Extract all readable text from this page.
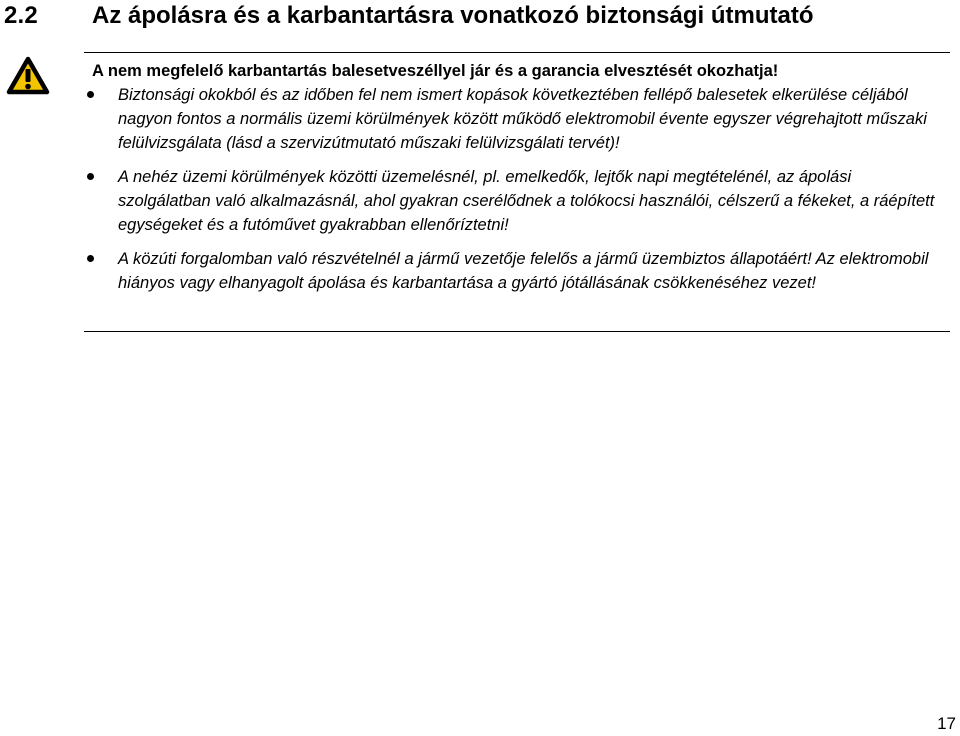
2.2 Az ápolásra és a karbantartásra vonatkozó biztonsági útmutató
A nem megfelelő karbantartás balesetveszéllyel jár és a garancia elvesztését okozhatja!
Biztonsági okokból és az időben fel nem ismert kopások következtében fellépő balesetek elkerülése céljából nagyon fontos a normális üzemi körülmények között működő elektromobil évente egyszer végrehajtott műszaki felülvizsgálata (lásd a szervizútmutató műszaki felülvizsgálati tervét)!
A nehéz üzemi körülmények közötti üzemelésnél, pl. emelkedők, lejtők napi megtételénél, az ápolási szolgálatban való alkalmazásnál, ahol gyakran cserélődnek a tolókocsi használói, célszerű a fékeket, a ráépített egységeket és a futóművet gyakrabban ellenőríztetni!
A közúti forgalomban való részvételnél a jármű vezetője felelős a jármű üzembiztos állapotáért! Az elektromobil hiányos vagy elhanyagolt ápolása és karbantartása a gyártó jótállásának csökkenéséhez vezet!
17
